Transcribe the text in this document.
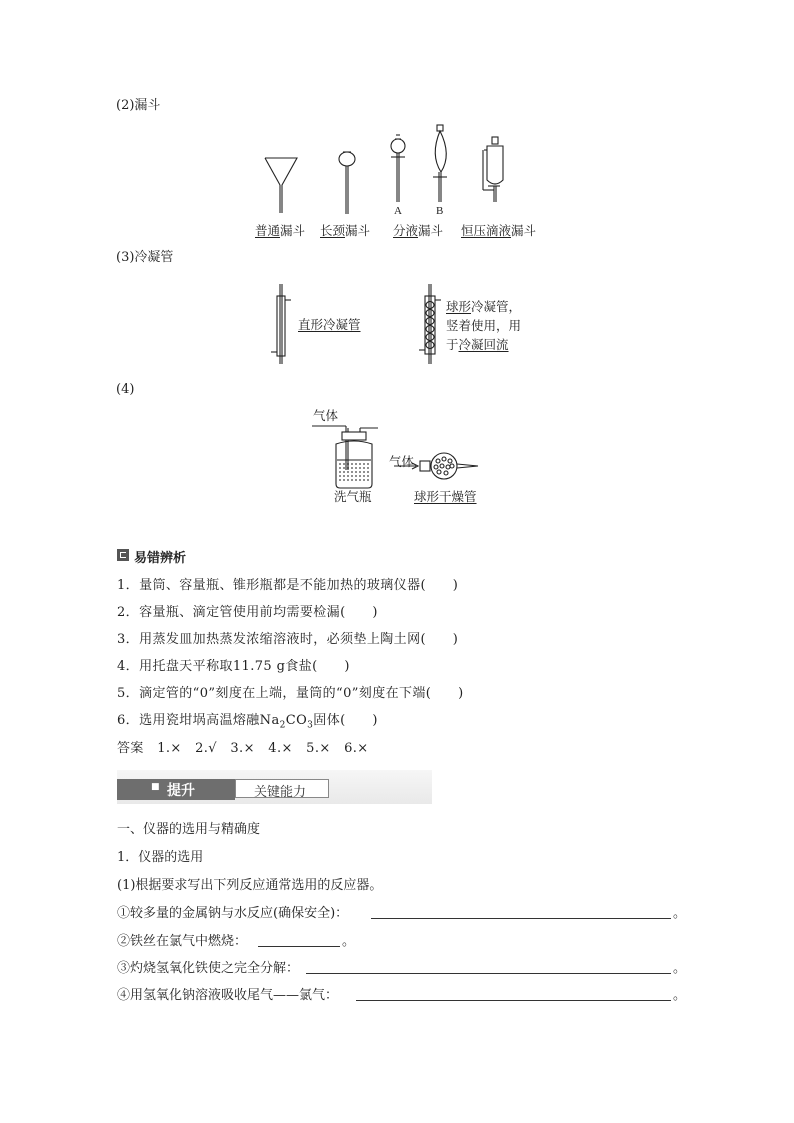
(2)漏斗
A	B
普通漏斗 长颈漏斗 分液漏斗 恒压滴液漏斗
(3)冷凝管
直形冷凝管
球形冷凝管，
竖着使用，用
于冷凝回流
(4)
气体
气体
洗气瓶	球形干燥管
易错辨析
1．量筒、容量瓶、锥形瓶都是不能加热的玻璃仪器(　　)
2．容量瓶、滴定管使用前均需要检漏(　　)
3．用蒸发皿加热蒸发浓缩溶液时，必须垫上陶土网(　　)
4．用托盘天平称取11.75 g食盐(　　)
5．滴定管的“0”刻度在上端，量筒的“0”刻度在下端(　　)
6．选用瓷坩埚高温熔融$Na_2CO_3$固体(　　)
答案　1.×　2.√　3.×　4.×　5.×　6.×
■ 提升	关键能力
一、仪器的选用与精确度
1．仪器的选用
(1)根据要求写出下列反应通常选用的反应器。
①较多量的金属钠与水反应(确保安全)：	。
②铁丝在氯气中燃烧：	。
③灼烧氢氧化铁使之完全分解：	。
④用氢氧化钠溶液吸收尾气——氯气：	。
